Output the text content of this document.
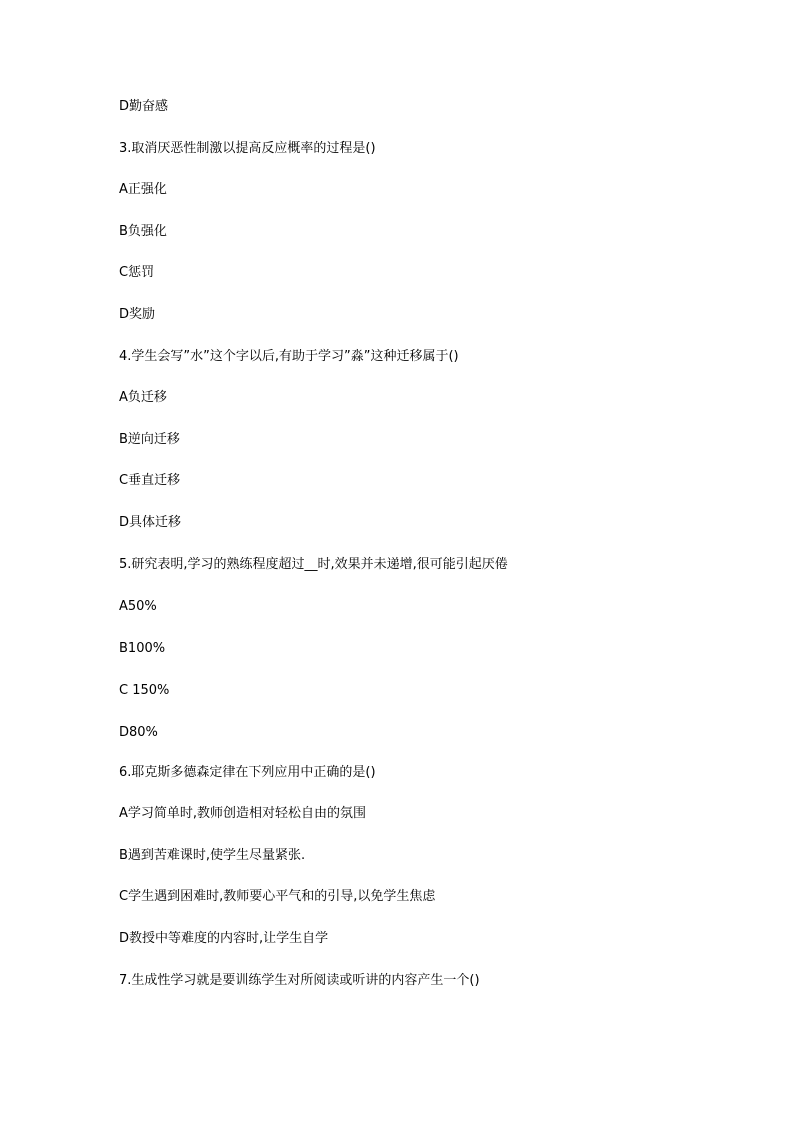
D勤奋感
3.取消厌恶性制激以提高反应概率的过程是()
A正强化
B负强化
C惩罚
D奖励
4.学生会写”水”这个字以后,有助于学习”淼”这种迁移属于()
A负迁移
B逆向迁移
C垂直迁移
D具体迁移
5.研究表明,学习的熟练程度超过__时,效果并未递增,很可能引起厌倦
A50%
B100%
C 150%
D80%
6.耶克斯多德森定律在下列应用中正确的是()
A学习简单时,教师创造相对轻松自由的氛围
B遇到苦难课时,使学生尽量紧张.
C学生遇到困难时,教师要心平气和的引导,以免学生焦虑
D教授中等难度的内容时,让学生自学
7.生成性学习就是要训练学生对所阅读或听讲的内容产生一个()
